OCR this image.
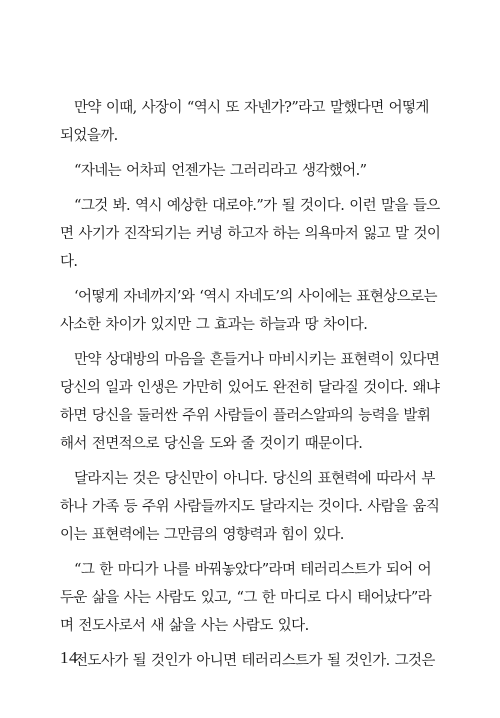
만약 이때, 사장이 “역시 또 자넨가?”라고 말했다면 어떻게 되었을까.

“자네는 어차피 언젠가는 그러리라고 생각했어.”

“그것 봐. 역시 예상한 대로야.”가 될 것이다. 이런 말을 들으면 사기가 진작되기는 커녕 하고자 하는 의욕마저 잃고 말 것이다.

‘어떻게 자네까지’와 ‘역시 자네도’의 사이에는 표현상으로는 사소한 차이가 있지만 그 효과는 하늘과 땅 차이다.

만약 상대방의 마음을 흔들거나 마비시키는 표현력이 있다면 당신의 일과 인생은 가만히 있어도 완전히 달라질 것이다. 왜냐하면 당신을 둘러싼 주위 사람들이 플러스알파의 능력을 발휘해서 전면적으로 당신을 도와 줄 것이기 때문이다.

달라지는 것은 당신만이 아니다. 당신의 표현력에 따라서 부하나 가족 등 주위 사람들까지도 달라지는 것이다. 사람을 움직이는 표현력에는 그만큼의 영향력과 힘이 있다.

“그 한 마디가 나를 바꿔놓았다”라며 테러리스트가 되어 어두운 삶을 사는 사람도 있고, “그 한 마디로 다시 태어났다”라며 전도사로서 새 삶을 사는 사람도 있다.

전도사가 될 것인가 아니면 테러리스트가 될 것인가. 그것은

14
